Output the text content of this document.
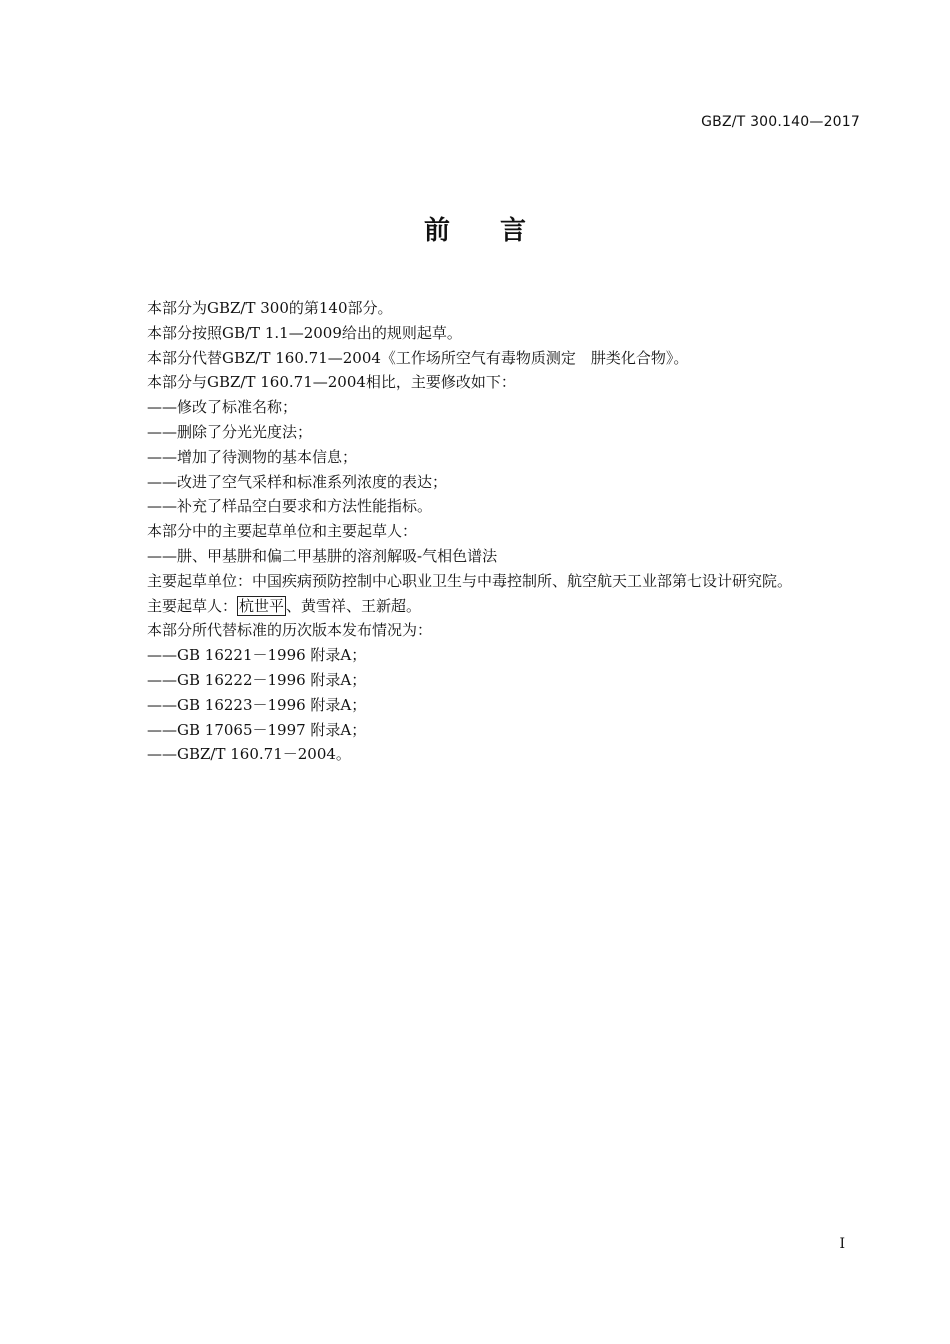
GBZ/T 300.140—2017
前言
本部分为GBZ/T 300的第140部分。
本部分按照GB/T 1.1—2009给出的规则起草。
本部分代替GBZ/T 160.71—2004《工作场所空气有毒物质测定　肼类化合物》。
本部分与GBZ/T 160.71—2004相比，主要修改如下：
——修改了标准名称；
——删除了分光光度法；
——增加了待测物的基本信息；
——改进了空气采样和标准系列浓度的表达；
——补充了样品空白要求和方法性能指标。
本部分中的主要起草单位和主要起草人：
——肼、甲基肼和偏二甲基肼的溶剂解吸-气相色谱法
主要起草单位：中国疾病预防控制中心职业卫生与中毒控制所、航空航天工业部第七设计研究院。
主要起草人： 杭世平 、黄雪祥、王新超。
本部分所代替标准的历次版本发布情况为：
——GB 16221－1996 附录A；
——GB 16222－1996 附录A；
——GB 16223－1996 附录A；
——GB 17065－1997 附录A；
——GBZ/T 160.71－2004。
I
